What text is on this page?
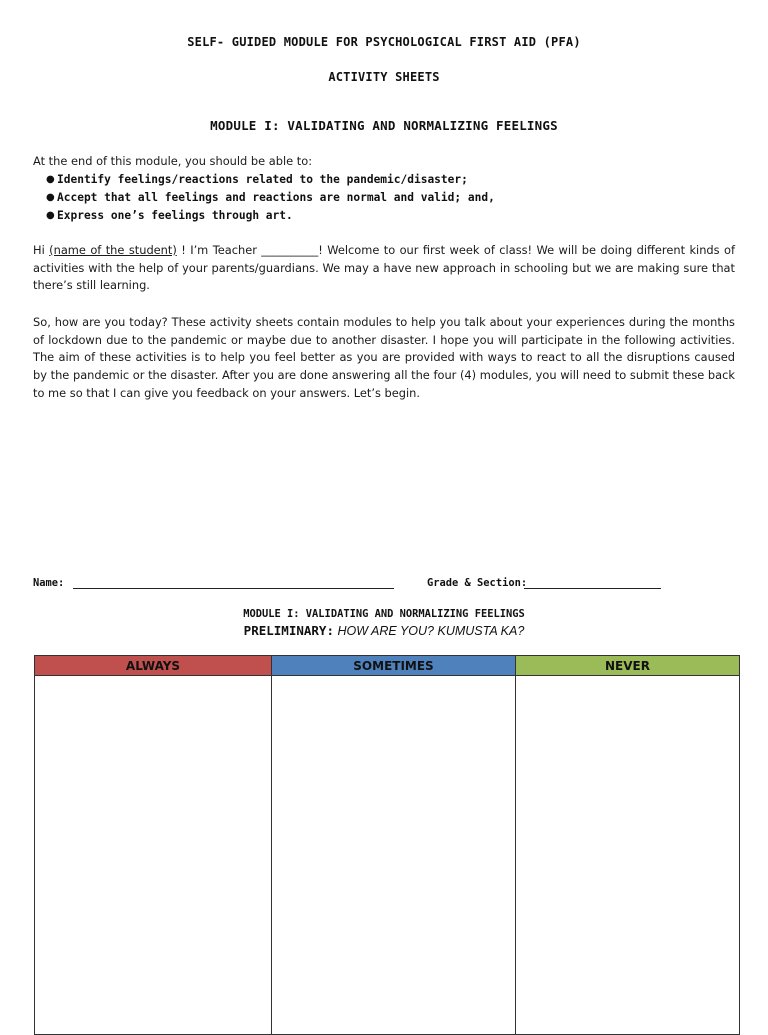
SELF- GUIDED MODULE FOR PSYCHOLOGICAL FIRST AID (PFA)
ACTIVITY SHEETS
MODULE I: VALIDATING AND NORMALIZING FEELINGS
At the end of this module, you should be able to:
● Identify feelings/reactions related to the pandemic/disaster;
● Accept that all feelings and reactions are normal and valid; and,
● Express one’s feelings through art.
Hi (name of the student) ! I’m Teacher __________! Welcome to our first week of class! We will be doing different kinds of activities with the help of your parents/guardians. We may a have new approach in schooling but we are making sure that there’s still learning.
So, how are you today? These activity sheets contain modules to help you talk about your experiences during the months of lockdown due to the pandemic or maybe due to another disaster. I hope you will participate in the following activities. The aim of these activities is to help you feel better as you are provided with ways to react to all the disruptions caused by the pandemic or the disaster. After you are done answering all the four (4) modules, you will need to submit these back to me so that I can give you feedback on your answers. Let’s begin.
Name:	Grade & Section:
MODULE I: VALIDATING AND NORMALIZING FEELINGS
PRELIMINARY: HOW ARE YOU? KUMUSTA KA?
ALWAYS	SOMETIMES	NEVER
